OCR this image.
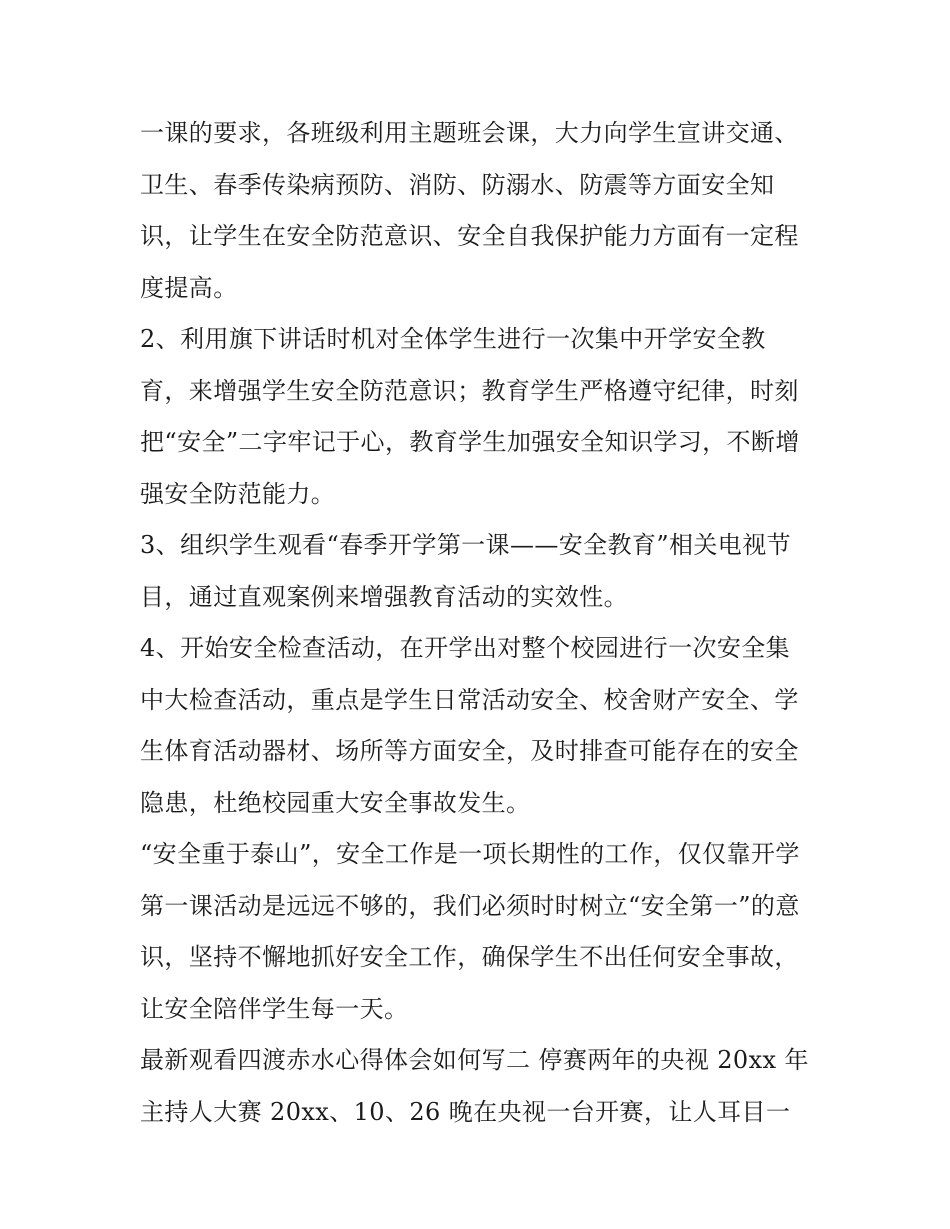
一课的要求，各班级利用主题班会课，大力向学生宣讲交通、
卫生、春季传染病预防、消防、防溺水、防震等方面安全知
识，让学生在安全防范意识、安全自我保护能力方面有一定程
度提高。
2、利用旗下讲话时机对全体学生进行一次集中开学安全教
育，来增强学生安全防范意识；教育学生严格遵守纪律，时刻
把“安全”二字牢记于心，教育学生加强安全知识学习，不断增
强安全防范能力。
3、组织学生观看“春季开学第一课——安全教育”相关电视节
目，通过直观案例来增强教育活动的实效性。
4、开始安全检查活动，在开学出对整个校园进行一次安全集
中大检查活动，重点是学生日常活动安全、校舍财产安全、学
生体育活动器材、场所等方面安全，及时排查可能存在的安全
隐患，杜绝校园重大安全事故发生。
“安全重于泰山”，安全工作是一项长期性的工作，仅仅靠开学
第一课活动是远远不够的，我们必须时时树立“安全第一”的意
识，坚持不懈地抓好安全工作，确保学生不出任何安全事故，
让安全陪伴学生每一天。
最新观看四渡赤水心得体会如何写二 停赛两年的央视 20xx 年
主持人大赛 20xx、10、26 晚在央视一台开赛，让人耳目一
